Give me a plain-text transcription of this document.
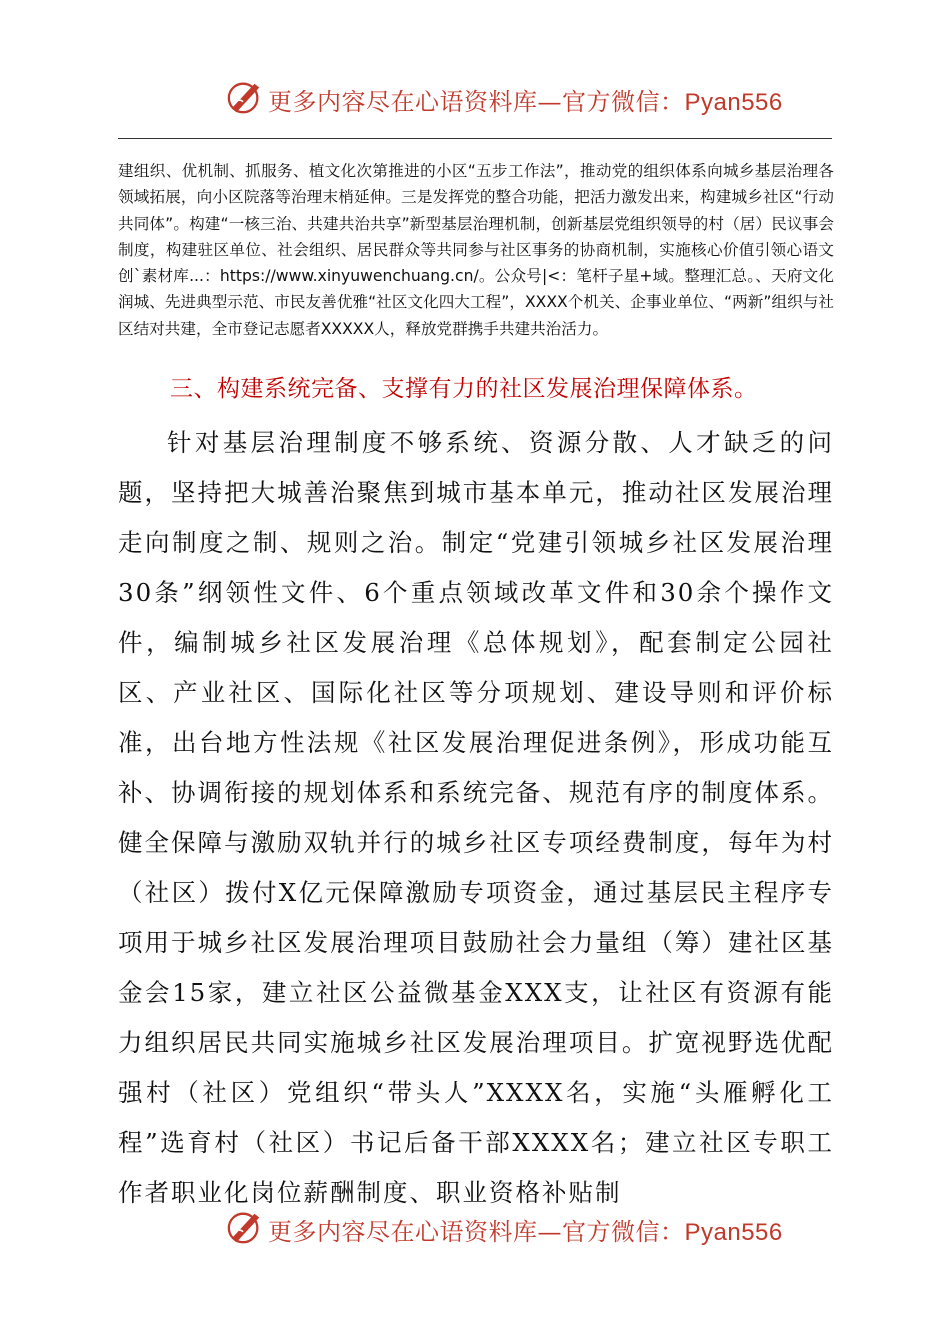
更多内容尽在心语资料库—官方微信：Pyan556

建组织、优机制、抓服务、植文化次第推进的小区“五步工作法”，推动党的组织体系向城乡基层治理各领域拓展，向小区院落等治理末梢延伸。三是发挥党的整合功能，把活力激发出来，构建城乡社区“行动共同体”。构建“一核三治、共建共治共享”新型基层治理机制，创新基层党组织领导的村（居）民议事会制度，构建驻区单位、社会组织、居民群众等共同参与社区事务的协商机制，实施核心价值引领心语文创`素材库...：https://www.xinyuwenchuang.cn/。公众号|<：笔杆子星+域。整理汇总。、天府文化润城、先进典型示范、市民友善优雅“社区文化四大工程”，XXXX个机关、企事业单位、“两新”组织与社区结对共建，全市登记志愿者XXXXX人，释放党群携手共建共治活力。

三、构建系统完备、支撑有力的社区发展治理保障体系。

针对基层治理制度不够系统、资源分散、人才缺乏的问题，坚持把大城善治聚焦到城市基本单元，推动社区发展治理走向制度之制、规则之治。制定“党建引领城乡社区发展治理30条”纲领性文件、6个重点领域改革文件和30余个操作文件，编制城乡社区发展治理《总体规划》，配套制定公园社区、产业社区、国际化社区等分项规划、建设导则和评价标准，出台地方性法规《社区发展治理促进条例》，形成功能互补、协调衔接的规划体系和系统完备、规范有序的制度体系。健全保障与激励双轨并行的城乡社区专项经费制度，每年为村（社区）拨付X亿元保障激励专项资金，通过基层民主程序专项用于城乡社区发展治理项目鼓励社会力量组（筹）建社区基金会15家，建立社区公益微基金XXX支，让社区有资源有能力组织居民共同实施城乡社区发展治理项目。扩宽视野选优配强村（社区）党组织“带头人”XXXX名，实施“头雁孵化工程”选育村（社区）书记后备干部XXXX名；建立社区专职工作者职业化岗位薪酬制度、职业资格补贴制

更多内容尽在心语资料库—官方微信：Pyan556
